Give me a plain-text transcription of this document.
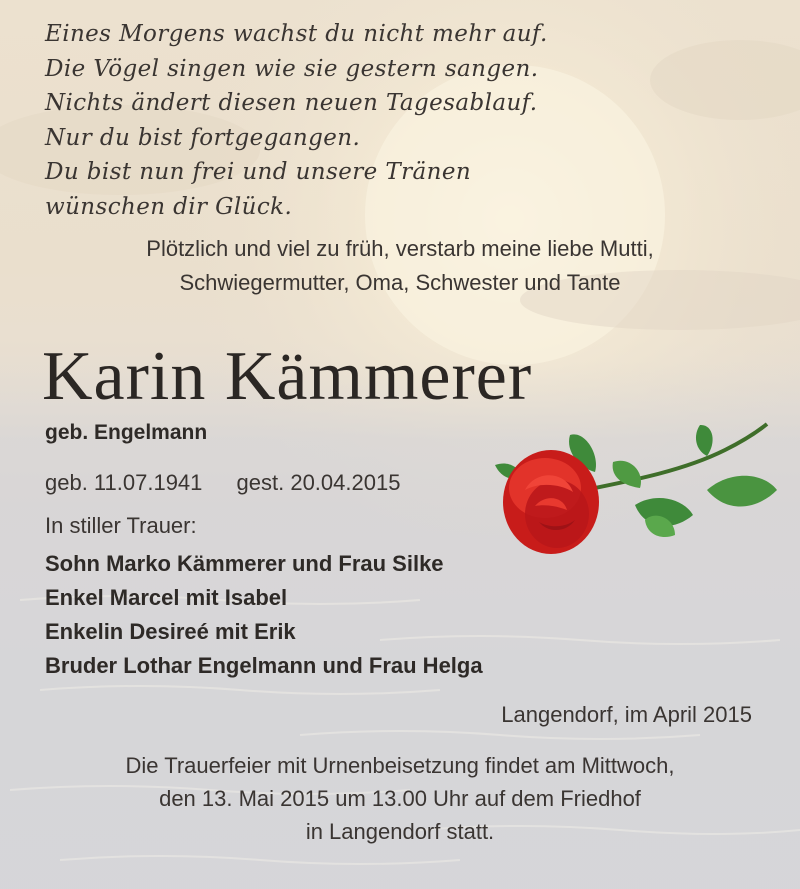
Eines Morgens wachst du nicht mehr auf.
Die Vögel singen wie sie gestern sangen.
Nichts ändert diesen neuen Tagesablauf.
Nur du bist fortgegangen.
Du bist nun frei und unsere Tränen
wünschen dir Glück.
Plötzlich und viel zu früh, verstarb meine liebe Mutti,
Schwiegermutter, Oma, Schwester und Tante
Karin Kämmerer
geb. Engelmann
geb. 11.07.1941 gest. 20.04.2015
In stiller Trauer:
Sohn Marko Kämmerer und Frau Silke
Enkel Marcel mit Isabel
Enkelin Desireé mit Erik
Bruder Lothar Engelmann und Frau Helga
Langendorf, im April 2015
Die Trauerfeier mit Urnenbeisetzung findet am Mittwoch,
den 13. Mai 2015 um 13.00 Uhr auf dem Friedhof
in Langendorf statt.
